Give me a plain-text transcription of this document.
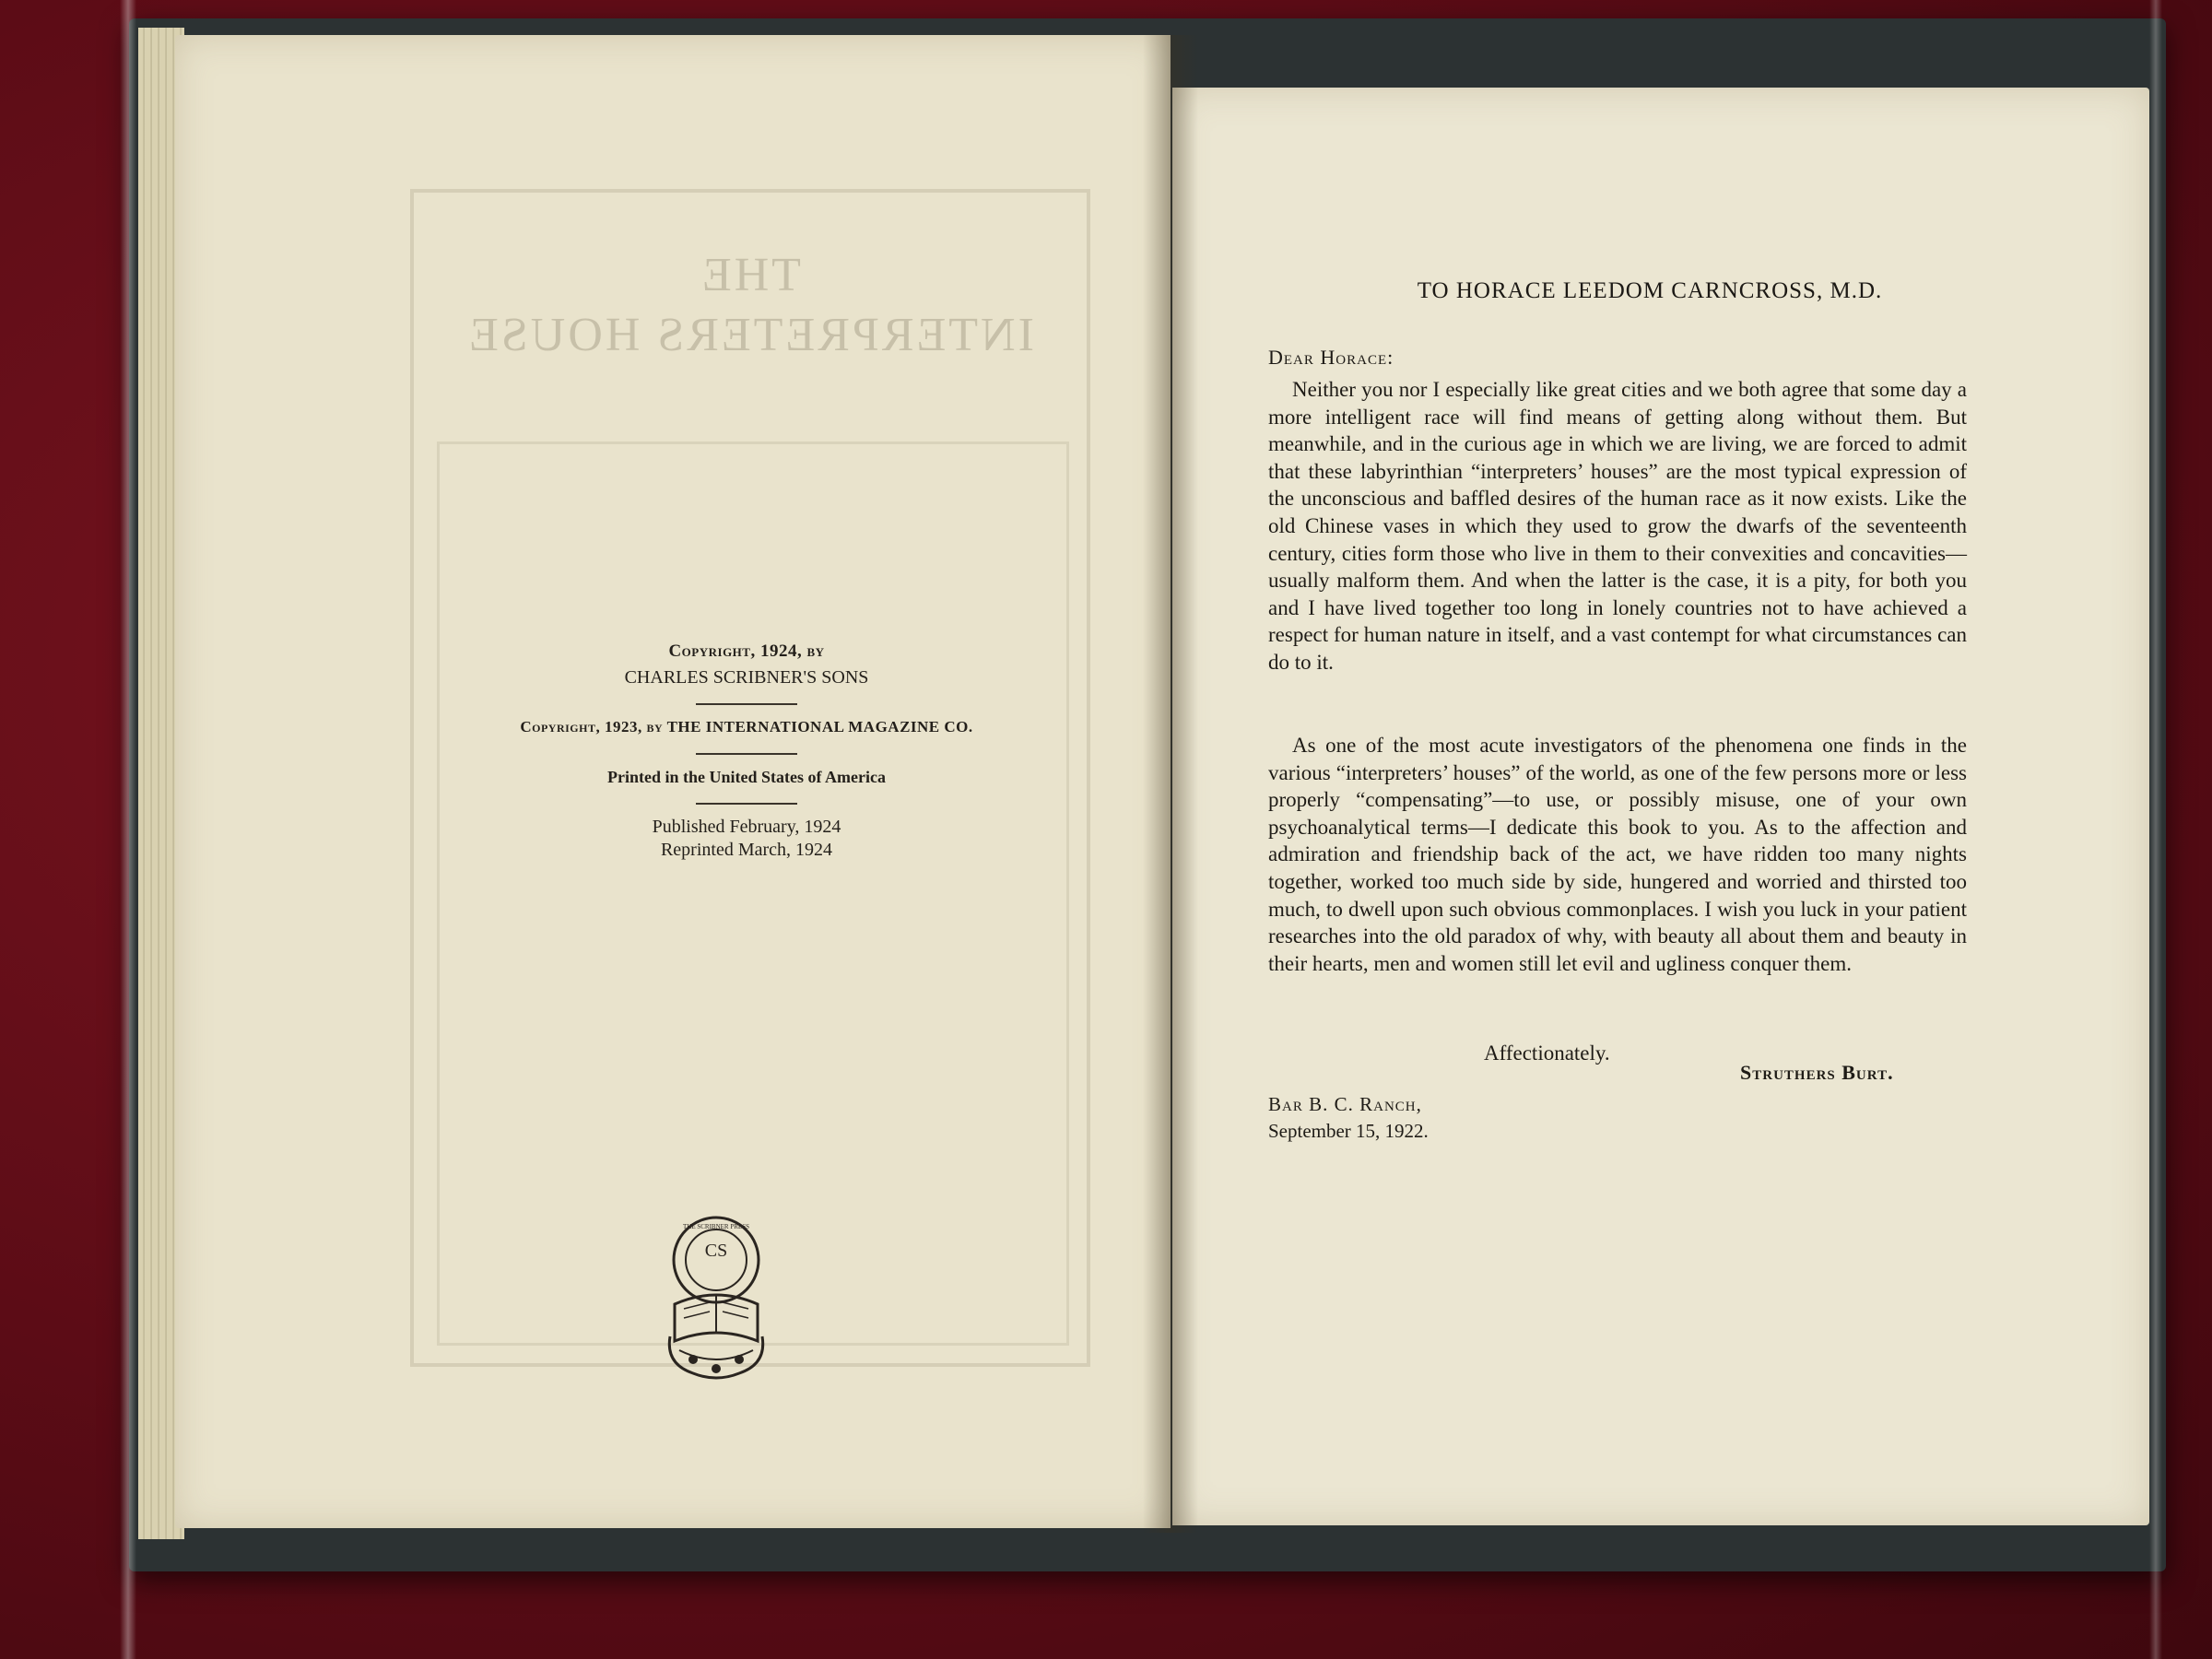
THE
INTERPRETERS HOUSE
Copyright, 1924, by
CHARLES SCRIBNER'S SONS
Copyright, 1923, by THE INTERNATIONAL MAGAZINE CO.
Printed in the United States of America
Published February, 1924
Reprinted March, 1924
CS
THE SCRIBNER PRESS
TO HORACE LEEDOM CARNCROSS, M.D.
Dear Horace:

Neither you nor I especially like great cities and we both agree that some day a more intelligent race will find means of getting along without them. But meanwhile, and in the curious age in which we are living, we are forced to admit that these labyrinthian “interpreters’ houses” are the most typical expression of the unconscious and baffled desires of the human race as it now exists. Like the old Chinese vases in which they used to grow the dwarfs of the seventeenth century, cities form those who live in them to their convexities and concavities—usually malform them. And when the latter is the case, it is a pity, for both you and I have lived together too long in lonely countries not to have achieved a respect for human nature in itself, and a vast contempt for what circumstances can do to it.

As one of the most acute investigators of the phenomena one finds in the various “interpreters’ houses” of the world, as one of the few persons more or less properly “compensating”—to use, or possibly misuse, one of your own psychoanalytical terms—I dedicate this book to you. As to the affection and admiration and friendship back of the act, we have ridden too many nights together, worked too much side by side, hungered and worried and thirsted too much, to dwell upon such obvious commonplaces. I wish you luck in your patient researches into the old paradox of why, with beauty all about them and beauty in their hearts, men and women still let evil and ugliness conquer them.

Affectionately.
Struthers Burt.
Bar B. C. Ranch,
September 15, 1922.
